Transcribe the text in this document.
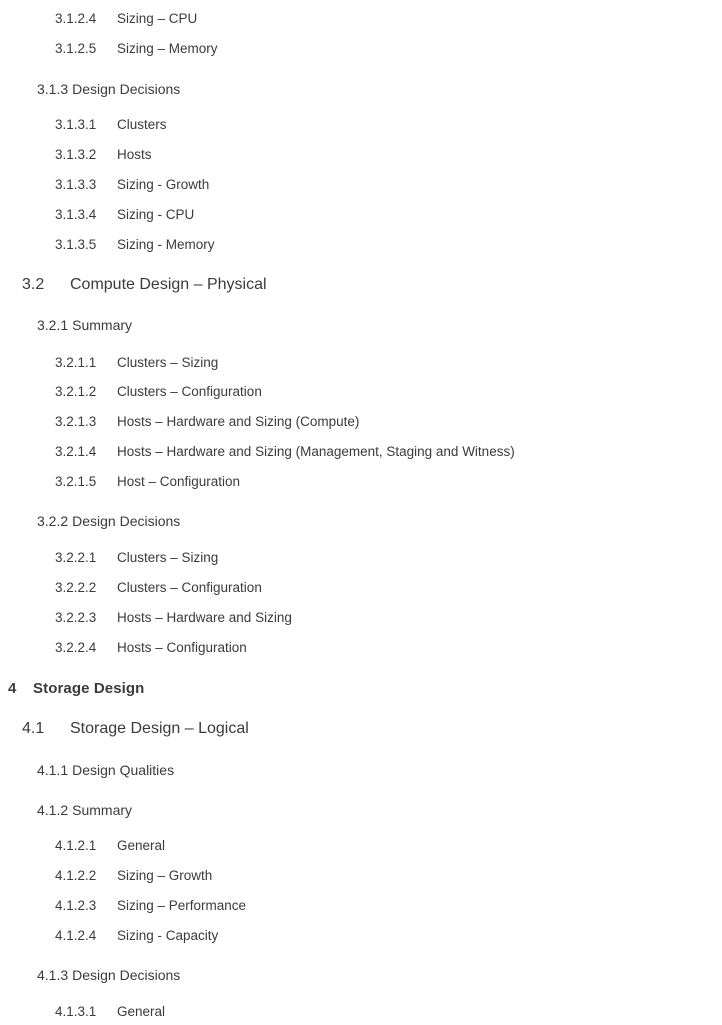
3.1.2.4 Sizing – CPU
3.1.2.5 Sizing – Memory
3.1.3 Design Decisions
3.1.3.1 Clusters
3.1.3.2 Hosts
3.1.3.3 Sizing - Growth
3.1.3.4 Sizing - CPU
3.1.3.5 Sizing - Memory
3.2 Compute Design – Physical
3.2.1 Summary
3.2.1.1 Clusters – Sizing
3.2.1.2 Clusters – Configuration
3.2.1.3 Hosts – Hardware and Sizing (Compute)
3.2.1.4 Hosts – Hardware and Sizing (Management, Staging and Witness)
3.2.1.5 Host – Configuration
3.2.2 Design Decisions
3.2.2.1 Clusters – Sizing
3.2.2.2 Clusters – Configuration
3.2.2.3 Hosts – Hardware and Sizing
3.2.2.4 Hosts – Configuration
4 Storage Design
4.1 Storage Design – Logical
4.1.1 Design Qualities
4.1.2 Summary
4.1.2.1 General
4.1.2.2 Sizing – Growth
4.1.2.3 Sizing – Performance
4.1.2.4 Sizing - Capacity
4.1.3 Design Decisions
4.1.3.1 General
